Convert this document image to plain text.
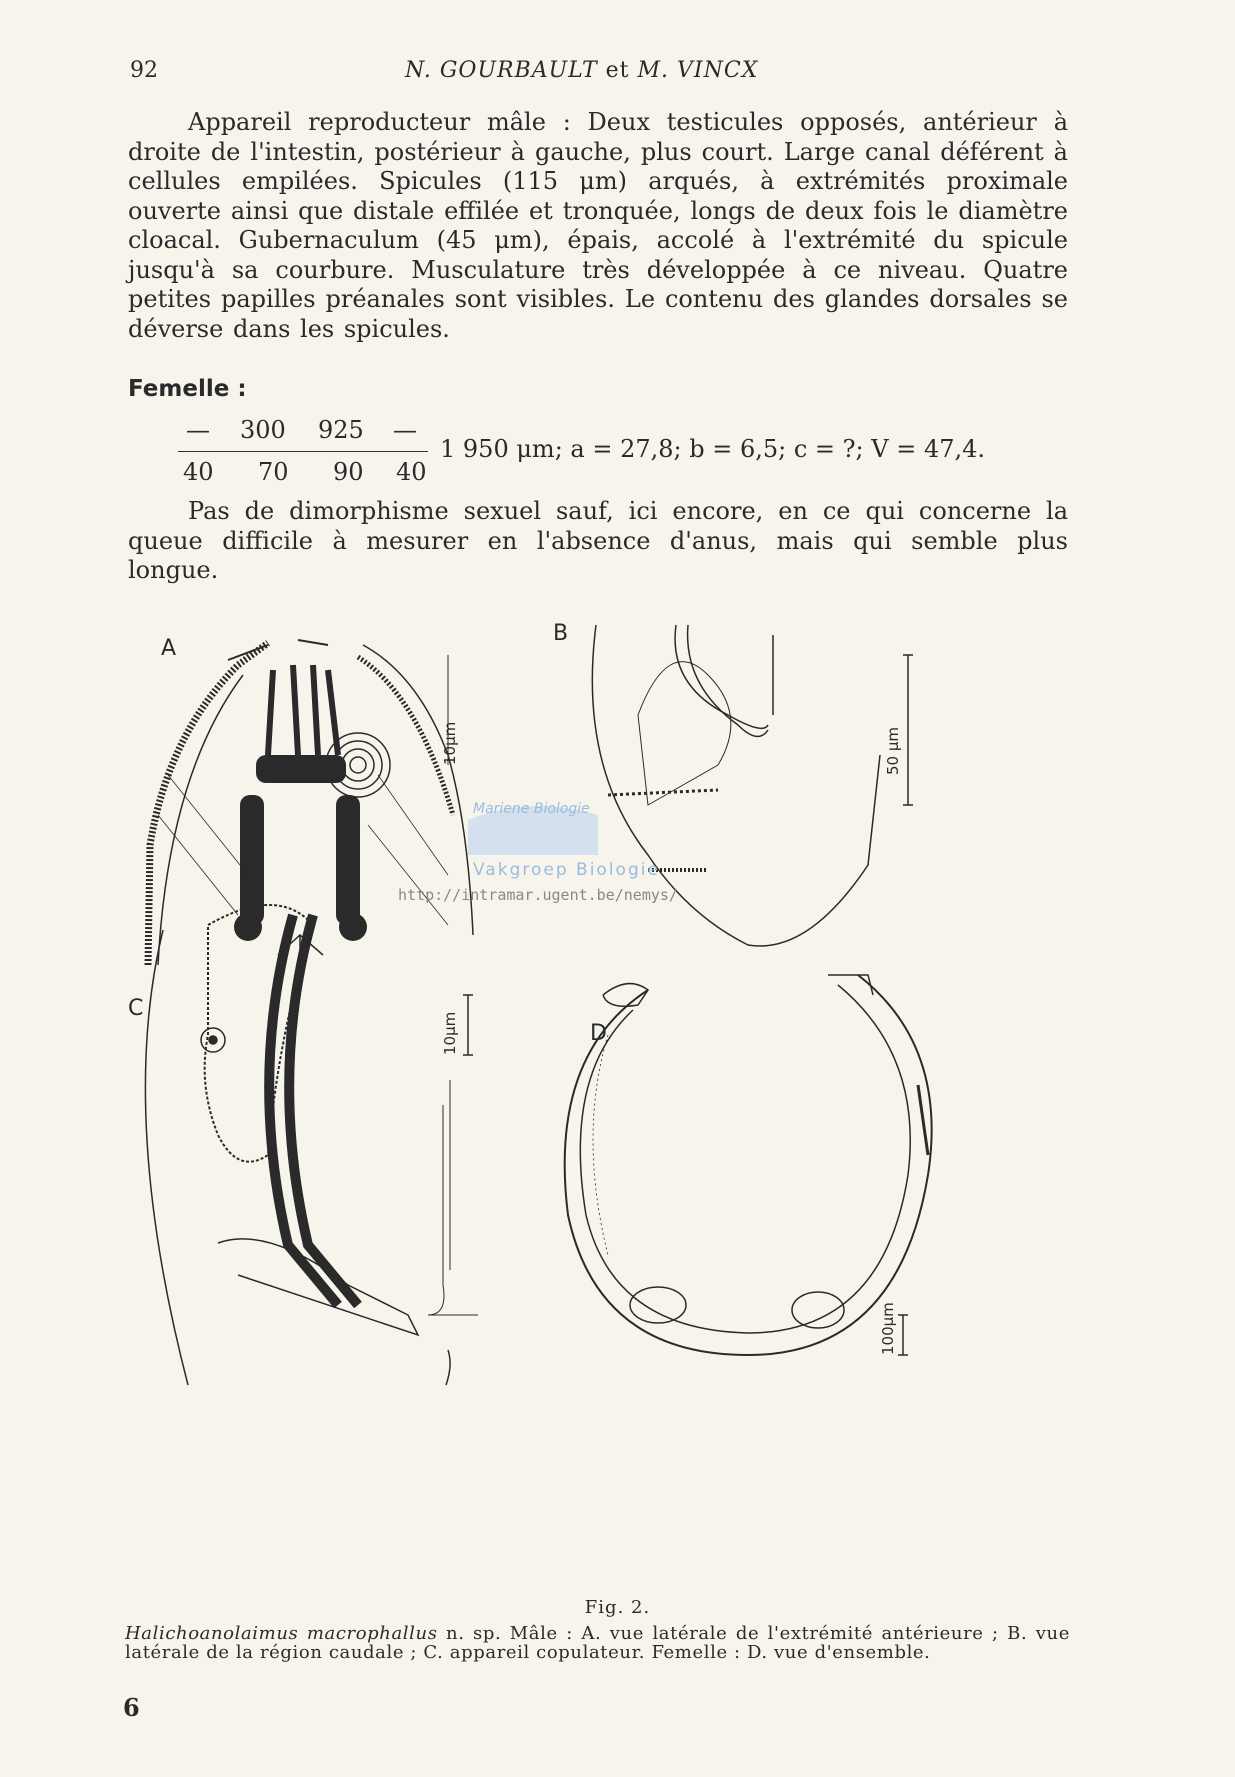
92	N. GOURBAULT et M. VINCX

Appareil reproducteur mâle : Deux testicules opposés, antérieur à droite de l'intestin, postérieur à gauche, plus court. Large canal déférent à cellules empilées. Spicules (115 μm) arqués, à extrémités proximale ouverte ainsi que distale effilée et tronquée, longs de deux fois le diamètre cloacal. Gubernaculum (45 μm), épais, accolé à l'extrémité du spicule jusqu'à sa courbure. Musculature très développée à ce niveau. Quatre petites papilles préanales sont visibles. Le contenu des glandes dorsales se déverse dans les spicules.

Femelle :
— 300 925 —
40 70 90 40
1 950 μm; a = 27,8; b = 6,5; c = ?; V = 47,4.

Pas de dimorphisme sexuel sauf, ici encore, en ce qui concerne la queue difficile à mesurer en l'absence d'anus, mais qui semble plus longue.

A
B
C
D
10μm	50 μm
10μm
100μm
Mariene Biologie
Vakgroep Biologie
http://intramar.ugent.be/nemys/
Fig. 2.

Halichoanolaimus macrophallus n. sp. Mâle : A. vue latérale de l'extrémité antérieure ; B. vue latérale de la région caudale ; C. appareil copulateur. Femelle : D. vue d'ensemble.

6
